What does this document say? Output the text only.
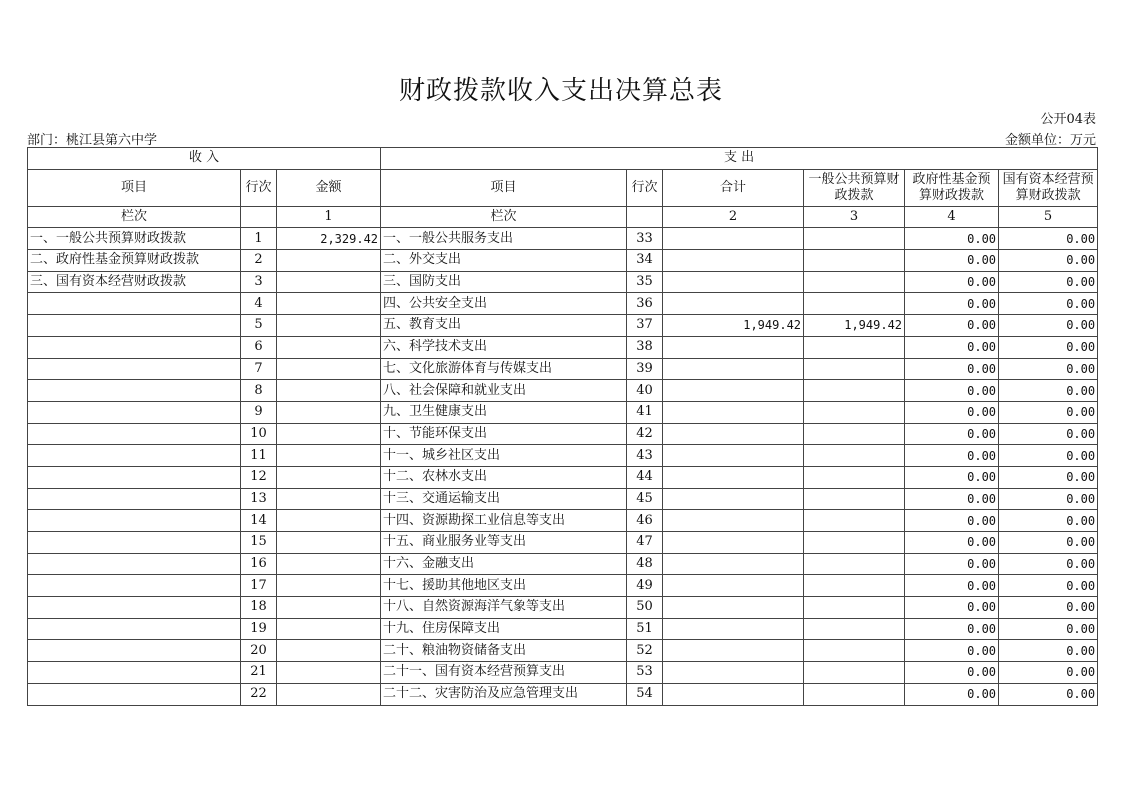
财政拨款收入支出决算总表
公开04表
部门：桃江县第六中学	金额单位：万元
收 入			支 出					
项目	行次	金额	项目	行次	合计	一般公共预算财政拨款	政府性基金预算财政拨款	国有资本经营预算财政拨款
栏次		1	栏次		2	3	4	5
一、一般公共预算财政拨款	1	2,329.42	一、一般公共服务支出	33			0.00	0.00
二、政府性基金预算财政拨款	2		二、外交支出	34			0.00	0.00
三、国有资本经营财政拨款	3		三、国防支出	35			0.00	0.00
	4		四、公共安全支出	36			0.00	0.00
	5		五、教育支出	37	1,949.42	1,949.42	0.00	0.00
	6		六、科学技术支出	38			0.00	0.00
	7		七、文化旅游体育与传媒支出	39			0.00	0.00
	8		八、社会保障和就业支出	40			0.00	0.00
	9		九、卫生健康支出	41			0.00	0.00
	10		十、节能环保支出	42			0.00	0.00
	11		十一、城乡社区支出	43			0.00	0.00
	12		十二、农林水支出	44			0.00	0.00
	13		十三、交通运输支出	45			0.00	0.00
	14		十四、资源勘探工业信息等支出	46			0.00	0.00
	15		十五、商业服务业等支出	47			0.00	0.00
	16		十六、金融支出	48			0.00	0.00
	17		十七、援助其他地区支出	49			0.00	0.00
	18		十八、自然资源海洋气象等支出	50			0.00	0.00
	19		十九、住房保障支出	51			0.00	0.00
	20		二十、粮油物资储备支出	52			0.00	0.00
	21		二十一、国有资本经营预算支出	53			0.00	0.00
	22		二十二、灾害防治及应急管理支出	54			0.00	0.00
